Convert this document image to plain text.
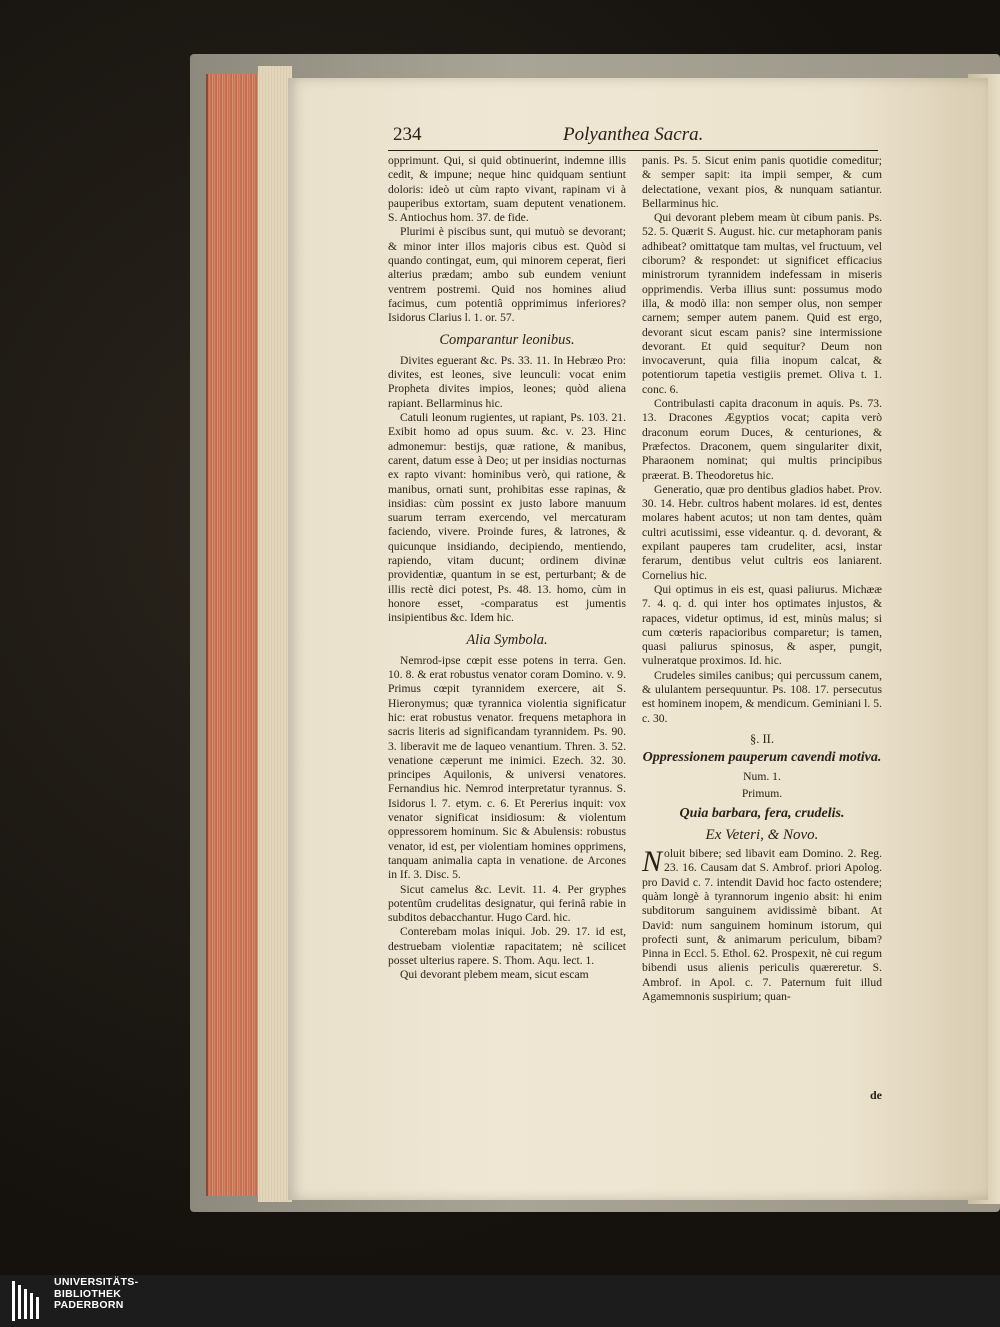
234	Polyanthea Sacra.

opprimunt. Qui, si quid obtinuerint, indemne illis cedit, & impune; neque hinc quidquam sentiunt doloris: ideò ut cùm rapto vivant, rapinam vi à pauperibus extortam, suam deputent venationem. S. Antiochus hom. 37. de fide.

Plurimi è piscibus sunt, qui mutuò se devorant; & minor inter illos majoris cibus est. Quòd si quando contingat, eum, qui minorem ceperat, fieri alterius prædam; ambo sub eundem veniunt ventrem postremi. Quid nos homines aliud facimus, cum potentiâ opprimimus inferiores? Isidorus Clarius l. 1. or. 57.

Comparantur leonibus.

Divites eguerant &c. Ps. 33. 11. In Hebræo Pro: divites, est leones, sive leunculi: vocat enim Propheta divites impios, leones; quòd aliena rapiant. Bellarminus hic.

Catuli leonum rugientes, ut rapiant, Ps. 103. 21. Exibit homo ad opus suum. &c. v. 23. Hinc admonemur: bestijs, quæ ratione, & manibus, carent, datum esse à Deo; ut per insidias nocturnas ex rapto vivant: hominibus verò, qui ratione, & manibus, ornati sunt, prohibitas esse rapinas, & insidias: cùm possint ex justo labore manuum suarum terram exercendo, vel mercaturam faciendo, vivere. Proinde fures, & latrones, & quicunque insidiando, decipiendo, mentiendo, rapiendo, vitam ducunt; ordinem divinæ providentiæ, quantum in se est, perturbant; & de illis rectè dici potest, Ps. 48. 13. homo, cùm in honore esset, -comparatus est jumentis insipientibus &c. Idem hic.

Alia Symbola.

Nemrod-ipse cœpit esse potens in terra. Gen. 10. 8. & erat robustus venator coram Domino. v. 9. Primus cœpit tyrannidem exercere, ait S. Hieronymus; quæ tyrannica violentia significatur hic: erat robustus venator. frequens metaphora in sacris literis ad significandam tyrannidem. Ps. 90. 3. liberavit me de laqueo venantium. Thren. 3. 52. venatione cæperunt me inimici. Ezech. 32. 30. principes Aquilonis, & universi venatores. Fernandius hic. Nemrod interpretatur tyrannus. S. Isidorus l. 7. etym. c. 6. Et Pererius inquit: vox venator significat insidiosum: & violentum oppressorem hominum. Sic & Abulensis: robustus venator, id est, per violentiam homines opprimens, tanquam animalia capta in venatione. de Arcones in If. 3. Disc. 5.

Sicut camelus &c. Levit. 11. 4. Per gryphes potentûm crudelitas designatur, qui ferinâ rabie in subditos debacchantur. Hugo Card. hic.

Conterebam molas iniqui. Job. 29. 17. id est, destruebam violentiæ rapacitatem; nè scilicet posset ulterius rapere. S. Thom. Aqu. lect. 1.

Qui devorant plebem meam, sicut escam

panis. Ps. 5. Sicut enim panis quotidie comeditur; & semper sapit: ita impii semper, & cum delectatione, vexant pios, & nunquam satiantur. Bellarminus hic.

Qui devorant plebem meam ùt cibum panis. Ps. 52. 5. Quærit S. August. hic. cur metaphoram panis adhibeat? omittatque tam multas, vel fructuum, vel ciborum? & respondet: ut significet efficacius ministrorum tyrannidem indefessam in miseris opprimendis. Verba illius sunt: possumus modo illa, & modò illa: non semper olus, non semper carnem; semper autem panem. Quid est ergo, devorant sicut escam panis? sine intermissione devorant. Et quid sequitur? Deum non invocaverunt, quia filia inopum calcat, & potentiorum tapetia vestigiis premet. Oliva t. 1. conc. 6.

Contribulasti capita draconum in aquis. Ps. 73. 13. Dracones Ægyptios vocat; capita verò draconum eorum Duces, & centuriones, & Præfectos. Draconem, quem singulariter dixit, Pharaonem nominat; qui multis principibus præerat. B. Theodoretus hic.

Generatio, quæ pro dentibus gladios habet. Prov. 30. 14. Hebr. cultros habent molares. id est, dentes molares habent acutos; ut non tam dentes, quàm cultri acutissimi, esse videantur. q. d. devorant, & expilant pauperes tam crudeliter, acsi, instar ferarum, dentibus velut cultris eos laniarent. Cornelius hic.

Qui optimus in eis est, quasi paliurus. Michææ 7. 4. q. d. qui inter hos optimates injustos, & rapaces, videtur optimus, id est, minùs malus; si cum cœteris rapacioribus comparetur; is tamen, quasi paliurus spinosus, & asper, pungit, vulneratque proximos. Id. hic.

Crudeles similes canibus; qui percussum canem, & ululantem persequuntur. Ps. 108. 17. persecutus est hominem inopem, & mendicum. Geminiani l. 5. c. 30.

§. II.
Oppressionem pauperum cavendi motiva.
Num. 1.
Primum.
Quia barbara, fera, crudelis.
Ex Veteri, & Novo.

Noluit bibere; sed libavit eam Domino. 2. Reg. 23. 16. Causam dat S. Ambrof. priori Apolog. pro David c. 7. intendit David hoc facto ostendere; quàm longè à tyrannorum ingenio absit: hi enim subditorum sanguinem avidissimè bibant. At David: num sanguinem hominum istorum, qui profecti sunt, & animarum periculum, bibam? Pinna in Eccl. 5. Ethol. 62. Prospexit, nè cui regum bibendi usus alienis periculis quæreretur. S. Ambrof. in Apol. c. 7. Paternum fuit illud Agamemnonis suspirium; quan-

de
UNIVERSITÄTS-
BIBLIOTHEK
PADERBORN
